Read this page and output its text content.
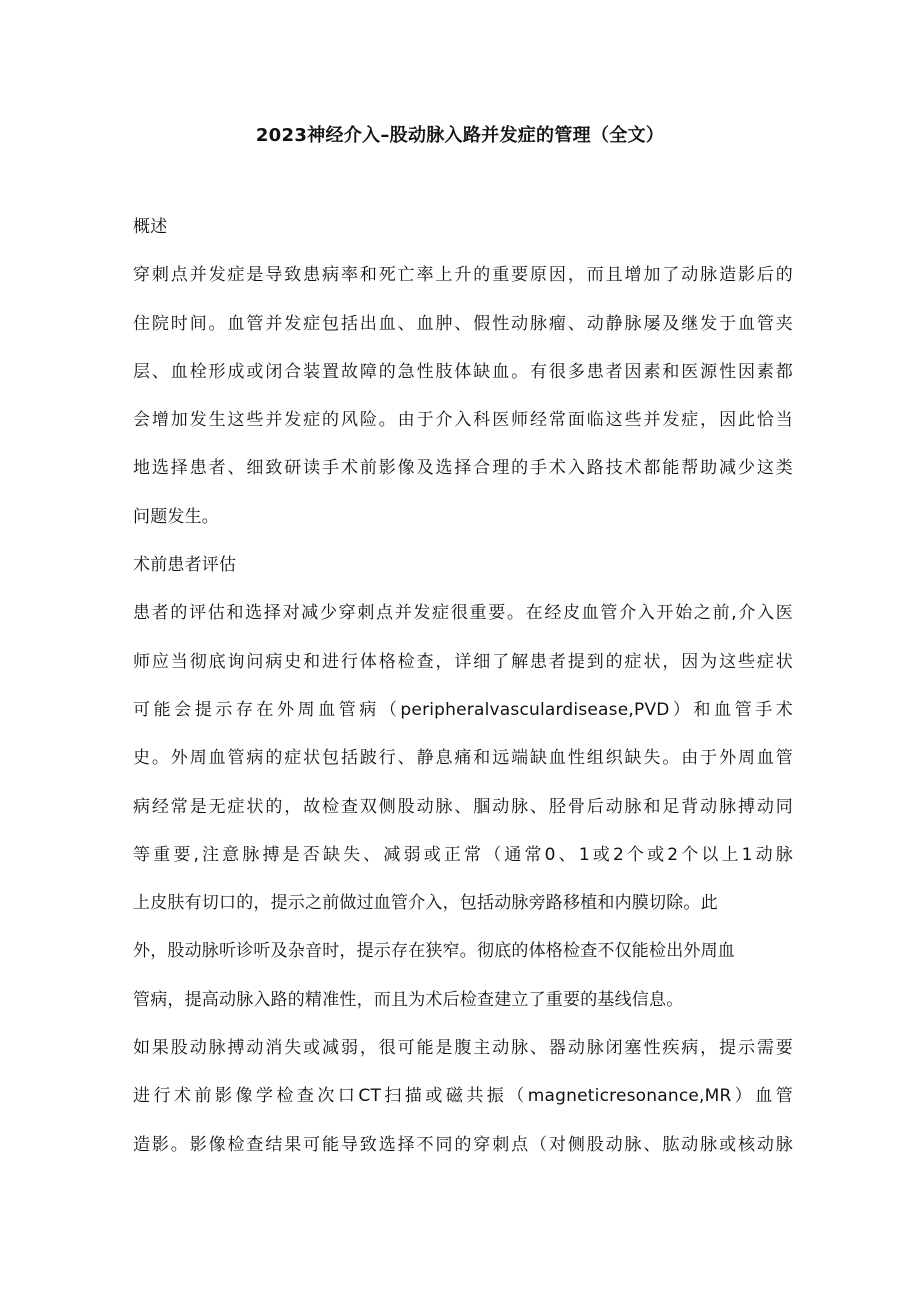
2023神经介入–股动脉入路并发症的管理（全文）
概述
穿刺点并发症是导致患病率和死亡率上升的重要原因，而且增加了动脉造影后的
住院时间。血管并发症包括出血、血肿、假性动脉瘤、动静脉屡及继发于血管夹
层、血栓形成或闭合装置故障的急性肢体缺血。有很多患者因素和医源性因素都
会增加发生这些并发症的风险。由于介入科医师经常面临这些并发症，因此恰当
地选择患者、细致研读手术前影像及选择合理的手术入路技术都能帮助减少这类
问题发生。
术前患者评估
患者的评估和选择对减少穿刺点并发症很重要。在经皮血管介入开始之前,介入医
师应当彻底询问病史和进行体格检查，详细了解患者提到的症状，因为这些症状
可能会提示存在外周血管病（peripheralvasculardisease,PVD）和血管手术
史。外周血管病的症状包括跛行、静息痛和远端缺血性组织缺失。由于外周血管
病经常是无症状的，故检查双侧股动脉、腘动脉、胫骨后动脉和足背动脉搏动同
等重要,注意脉搏是否缺失、减弱或正常（通常0、1或2个或2个以上1动脉
上皮肤有切口的，提示之前做过血管介入，包括动脉旁路移植和内膜切除。此
外，股动脉听诊听及杂音时，提示存在狭窄。彻底的体格检查不仅能检出外周血
管病，提高动脉入路的精准性，而且为术后检查建立了重要的基线信息。
如果股动脉搏动消失或减弱，很可能是腹主动脉、器动脉闭塞性疾病，提示需要
进行术前影像学检查次口CT扫描或磁共振（magneticresonance,MR）血管
造影。影像检查结果可能导致选择不同的穿刺点（对侧股动脉、肱动脉或核动脉
